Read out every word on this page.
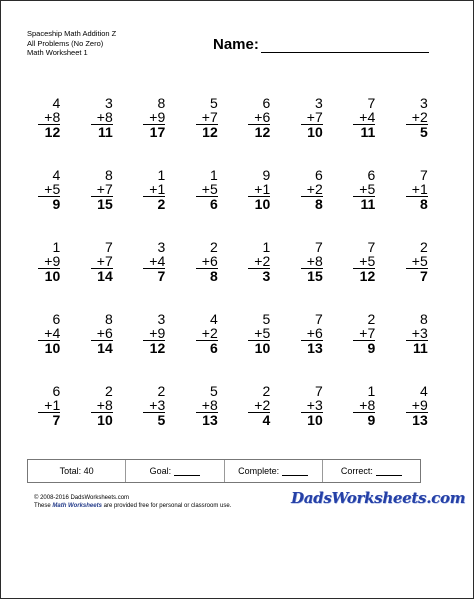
Spaceship Math Addition Z
All Problems (No Zero)
Math Worksheet 1	Name:
4
+8
12
3
+8
11
8
+9
17
5
+7
12
6
+6
12
3
+7
10
7
+4
11
3
+2
5
4
+5
9
8
+7
15
1
+1
2
1
+5
6
9
+1
10
6
+2
8
6
+5
11
7
+1
8
1
+9
10
7
+7
14
3
+4
7
2
+6
8
1
+2
3
7
+8
15
7
+5
12
2
+5
7
6
+4
10
8
+6
14
3
+9
12
4
+2
6
5
+5
10
7
+6
13
2
+7
9
8
+3
11
6
+1
7
2
+8
10
2
+3
5
5
+8
13
2
+2
4
7
+3
10
1
+8
9
4
+9
13
Total: 40	Goal:	Complete:	Correct:
© 2008-2016 DadsWorksheets.com
These Math Worksheets are provided free for personal or classroom use.	DadsWorksheets.com
